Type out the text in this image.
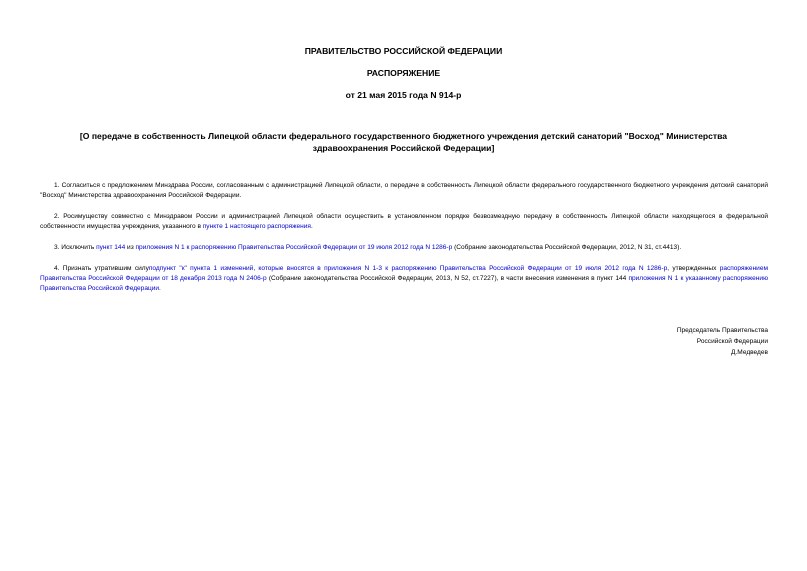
ПРАВИТЕЛЬСТВО РОССИЙСКОЙ ФЕДЕРАЦИИ
РАСПОРЯЖЕНИЕ
от 21 мая 2015 года N 914-р
[О передаче в собственность Липецкой области федерального государственного бюджетного учреждения детский санаторий "Восход" Министерства здравоохранения Российской Федерации]
1. Согласиться с предложением Минздрава России, согласованным с администрацией Липецкой области, о передаче в собственность Липецкой области федерального государственного бюджетного учреждения детский санаторий "Восход" Министерства здравоохранения Российской Федерации.
2. Росимуществу совместно с Минздравом России и администрацией Липецкой области осуществить в установленном порядке безвозмездную передачу в собственность Липецкой области находящегося в федеральной собственности имущества учреждения, указанного в пункте 1 настоящего распоряжения.
3. Исключить пункт 144 из приложения N 1 к распоряжению Правительства Российской Федерации от 19 июля 2012 года N 1286-р (Собрание законодательства Российской Федерации, 2012, N 31, ст.4413).
4. Признать утратившим силуподпункт "к" пункта 1 изменений, которые вносятся в приложения N 1-3 к распоряжению Правительства Российской Федерации от 19 июля 2012 года N 1286-р, утвержденных распоряжением Правительства Российской Федерации от 18 декабря 2013 года N 2406-р (Собрание законодательства Российской Федерации, 2013, N 52, ст.7227), в части внесения изменения в пункт 144 приложения N 1 к указанному распоряжению Правительства Российской Федерации.
Председатель Правительства
Российской Федерации
Д.Медведев
